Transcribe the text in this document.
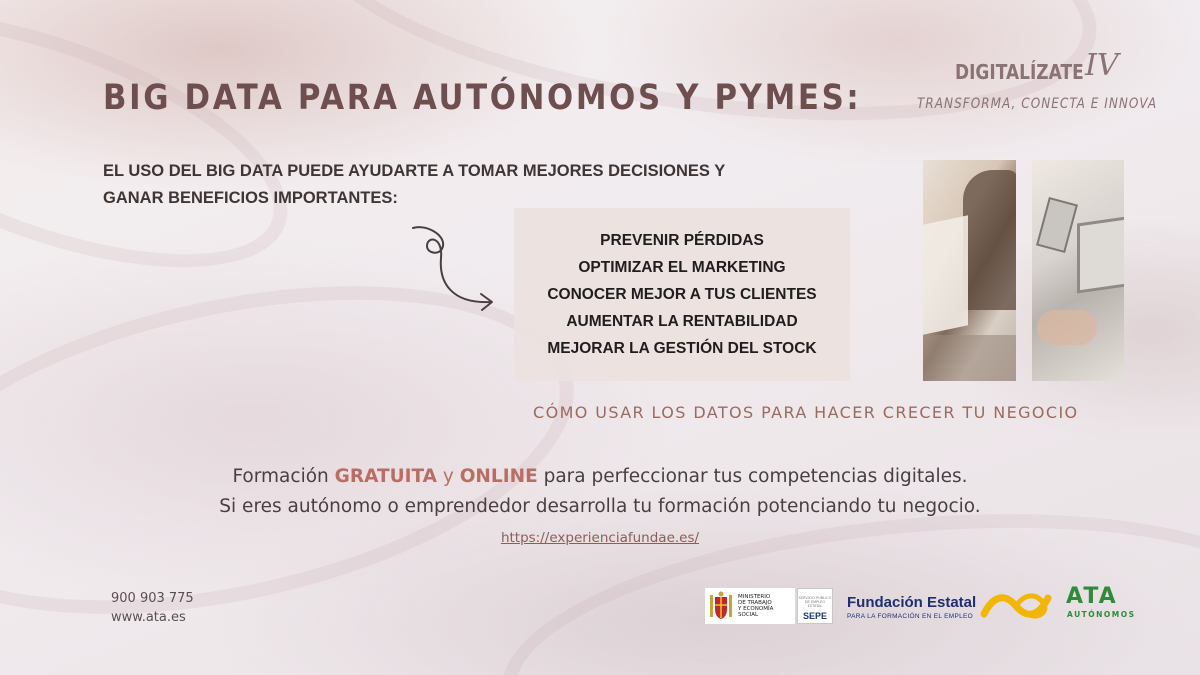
BIG DATA PARA AUTÓNOMOS Y PYMES:
DIGITALÍZATE IV
TRANSFORMA, CONECTA E INNOVA
EL USO DEL BIG DATA PUEDE AYUDARTE A TOMAR MEJORES DECISIONES Y
GANAR BENEFICIOS IMPORTANTES:
PREVENIR PÉRDIDAS
OPTIMIZAR EL MARKETING
CONOCER MEJOR A TUS CLIENTES
AUMENTAR LA RENTABILIDAD
MEJORAR LA GESTIÓN DEL STOCK
CÓMO USAR LOS DATOS PARA HACER CRECER TU NEGOCIO
Formación GRATUITA y ONLINE para perfeccionar tus competencias digitales.
Si eres autónomo o emprendedor desarrolla tu formación potenciando tu negocio.
https://experienciafundae.es/
900 903 775
www.ata.es
MINISTERIO
DE TRABAJO
Y ECONOMÍA SOCIAL
SERVICIO PÚBLICO DE EMPLEO ESTATAL
SEPE
Fundación Estatal
PARA LA FORMACIÓN EN EL EMPLEO
ATA
AUTÓNOMOS
